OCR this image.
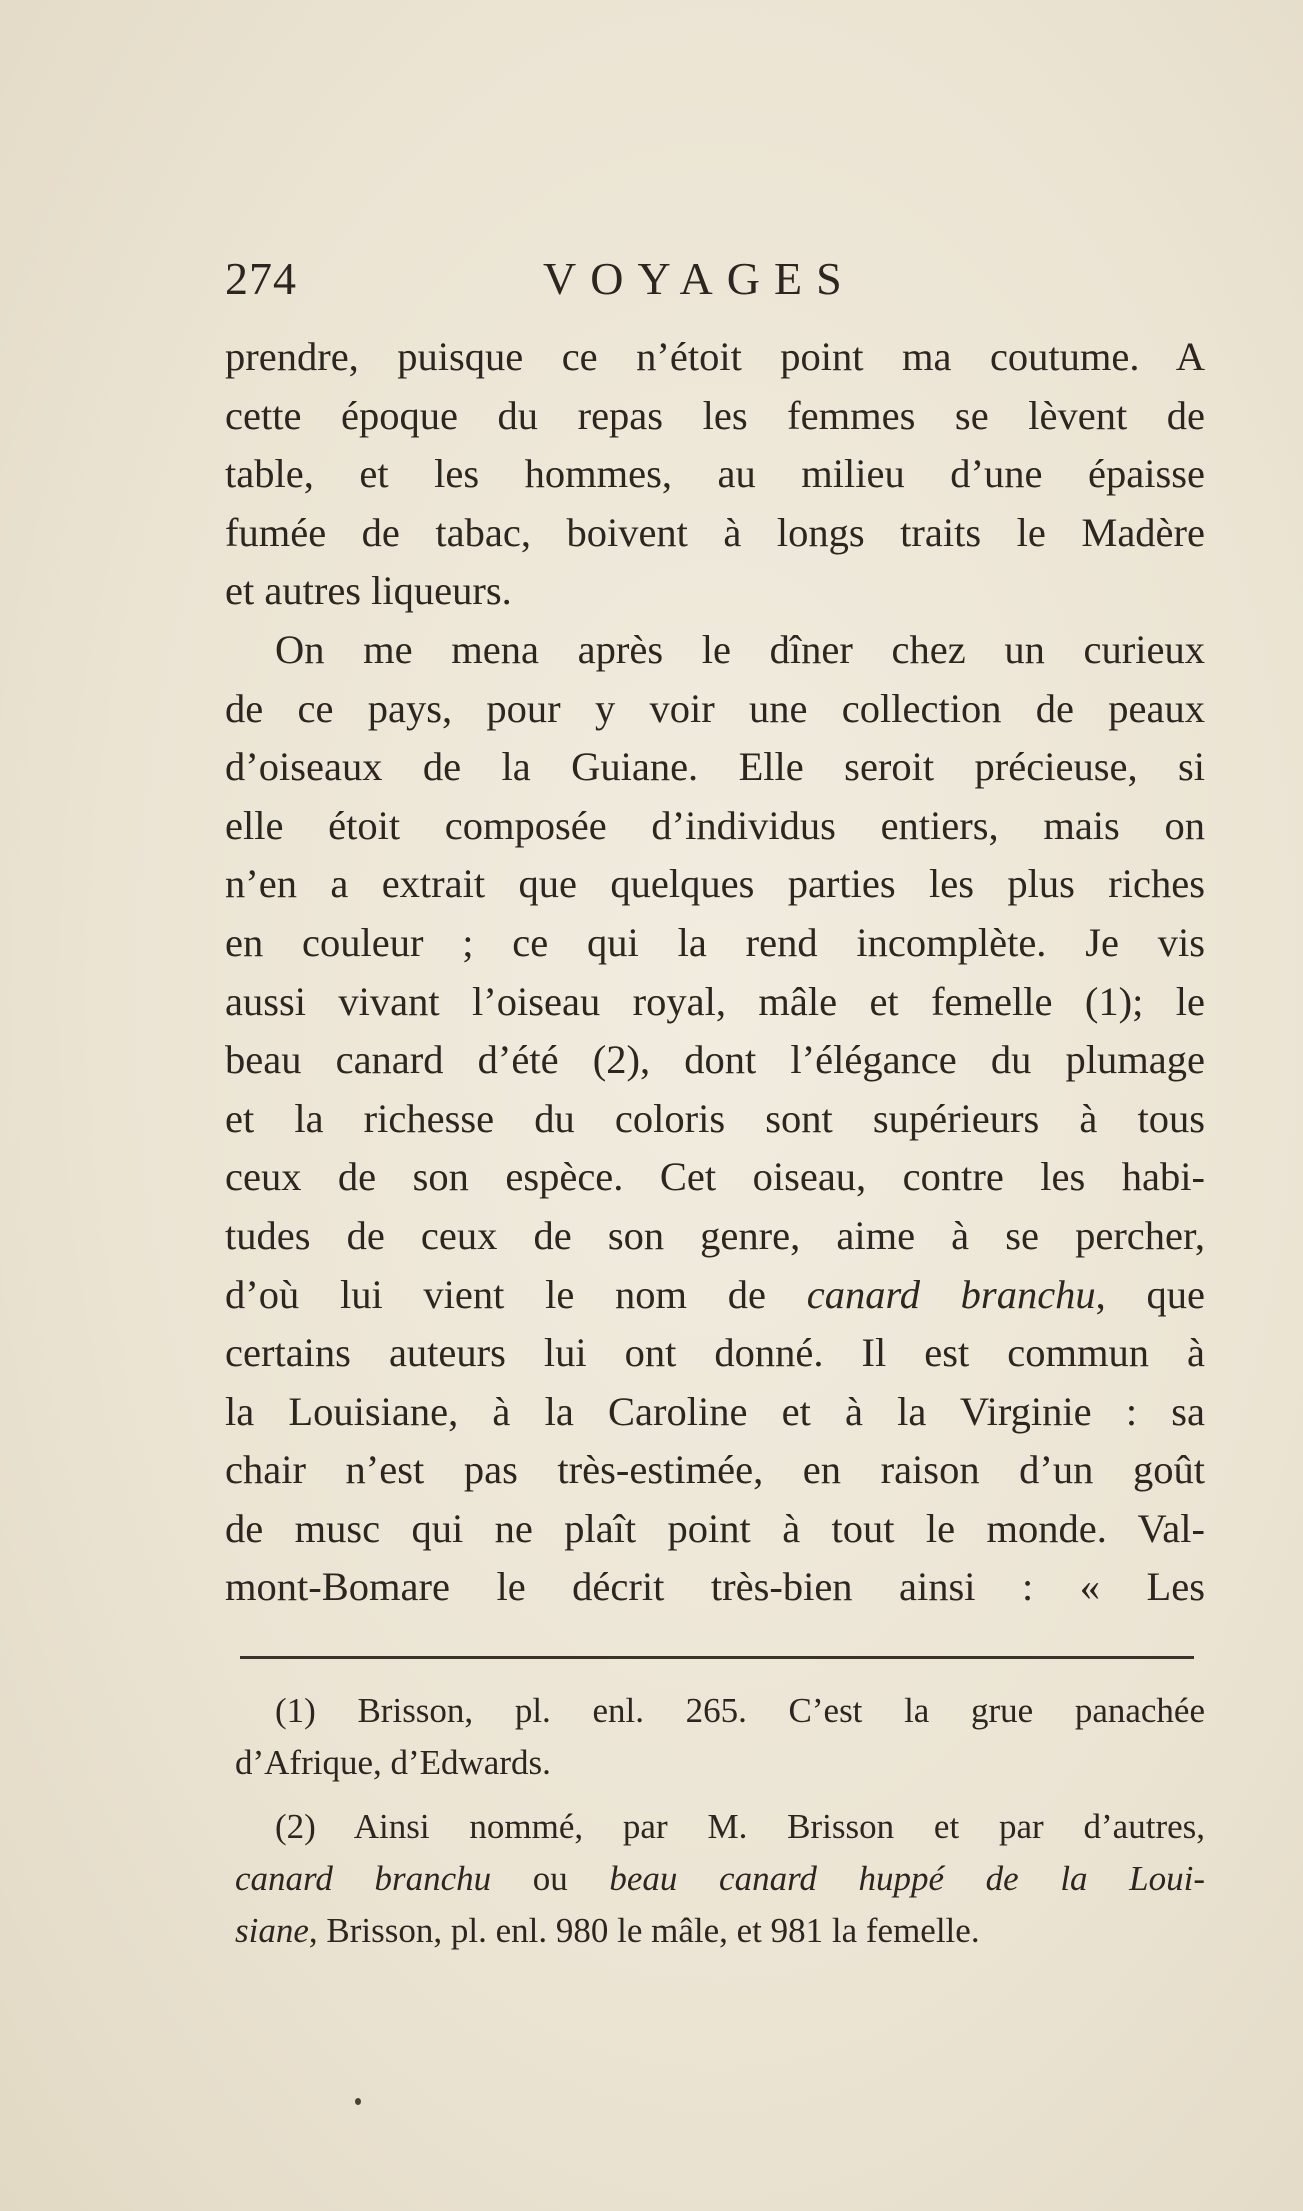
274	VOYAGES
prendre, puisque ce n’étoit point ma coutume. A
cette époque du repas les femmes se lèvent de
table, et les hommes, au milieu d’une épaisse
fumée de tabac, boivent à longs traits le Madère
et autres liqueurs.
On me mena après le dîner chez un curieux
de ce pays, pour y voir une collection de peaux
d’oiseaux de la Guiane. Elle seroit précieuse, si
elle étoit composée d’individus entiers, mais on
n’en a extrait que quelques parties les plus riches
en couleur ; ce qui la rend incomplète. Je vis
aussi vivant l’oiseau royal, mâle et femelle (1); le
beau canard d’été (2), dont l’élégance du plumage
et la richesse du coloris sont supérieurs à tous
ceux de son espèce. Cet oiseau, contre les habi-
tudes de ceux de son genre, aime à se percher,
d’où lui vient le nom de canard branchu, que
certains auteurs lui ont donné. Il est commun à
la Louisiane, à la Caroline et à la Virginie : sa
chair n’est pas très-estimée, en raison d’un goût
de musc qui ne plaît point à tout le monde. Val-
mont-Bomare le décrit très-bien ainsi : « Les
(1) Brisson, pl. enl. 265. C’est la grue panachée
d’Afrique, d’Edwards.
(2) Ainsi nommé, par M. Brisson et par d’autres,
canard branchu ou beau canard huppé de la Loui-
siane, Brisson, pl. enl. 980 le mâle, et 981 la femelle.
